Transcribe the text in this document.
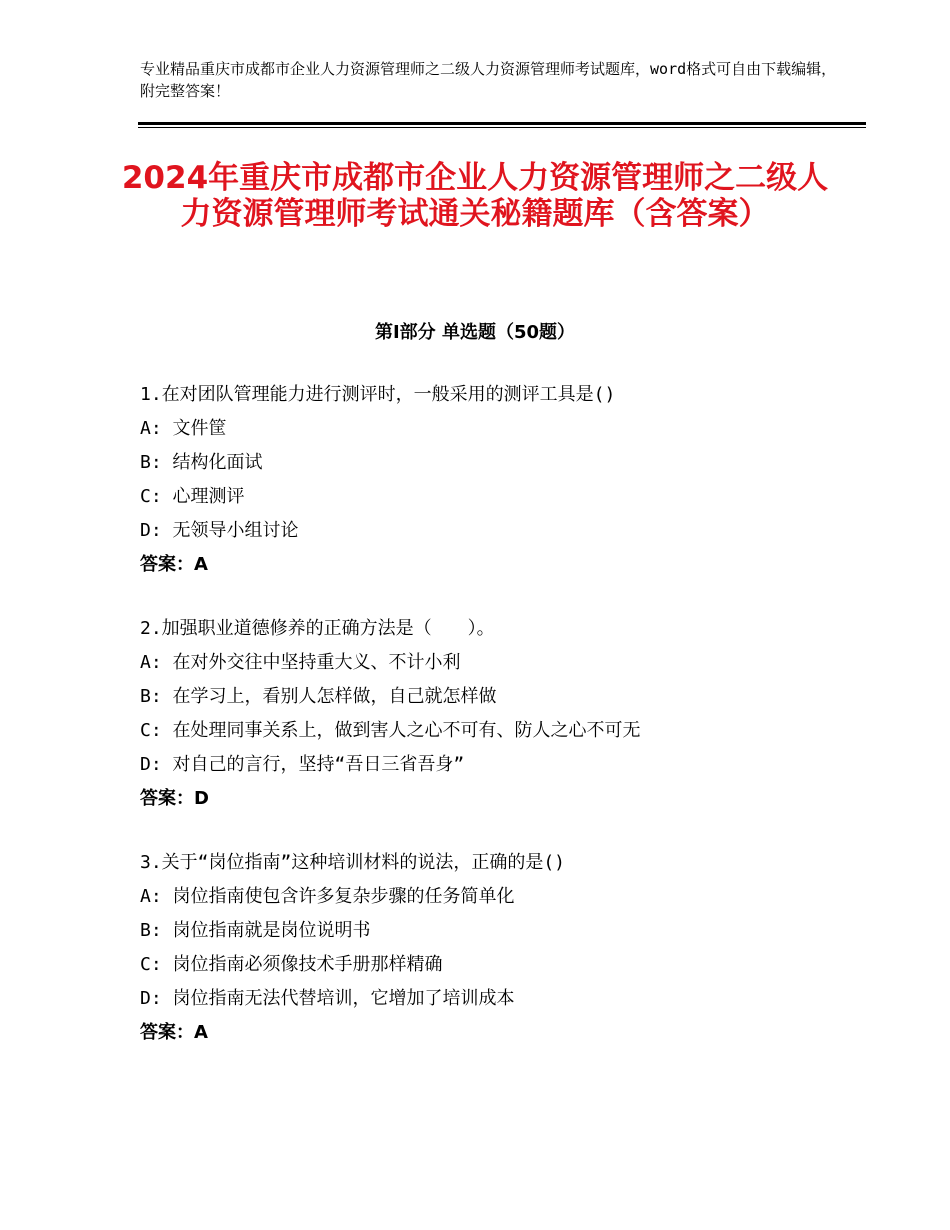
专业精品重庆市成都市企业人力资源管理师之二级人力资源管理师考试题库，word格式可自由下载编辑，附完整答案！
2024年重庆市成都市企业人力资源管理师之二级人力资源管理师考试通关秘籍题库（含答案）
第Ⅰ部分 单选题（50题）
1.在对团队管理能力进行测评时，一般采用的测评工具是()
A: 文件筐
B: 结构化面试
C: 心理测评
D: 无领导小组讨论
答案：A
2.加强职业道德修养的正确方法是（　　）。
A: 在对外交往中坚持重大义、不计小利
B: 在学习上，看别人怎样做，自己就怎样做
C: 在处理同事关系上，做到害人之心不可有、防人之心不可无
D: 对自己的言行，坚持“吾日三省吾身”
答案：D
3.关于“岗位指南”这种培训材料的说法，正确的是()
A: 岗位指南使包含许多复杂步骤的任务简单化
B: 岗位指南就是岗位说明书
C: 岗位指南必须像技术手册那样精确
D: 岗位指南无法代替培训，它增加了培训成本
答案：A
